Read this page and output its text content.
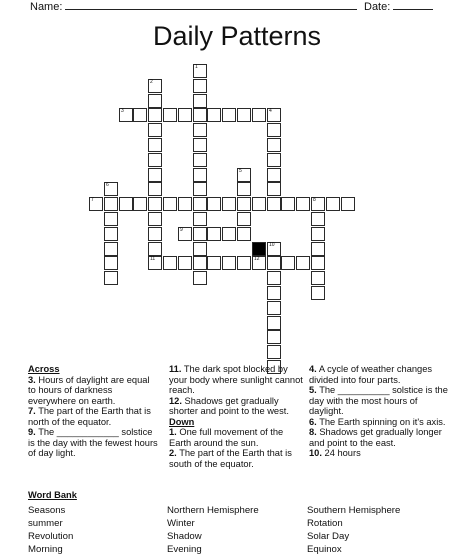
Name:	Date:
Daily Patterns
1
2
3	4
5
6
7	8
9
10
11	12
Across
3. Hours of daylight are equal to hours of darkness everywhere on earth.
7. The part of the Earth that is north of the equator.
9. The ____________ solstice is the day with the fewest hours of day light.
11. The dark spot blocked by your body where sunlight cannot reach.
12. Shadows get gradually shorter and point to the west.
Down
1. One full movement of the Earth around the sun.
2. The part of the Earth that is south of the equator.
4. A cycle of weather changes divided into four parts.
5. The __________ solstice is the day with the most hours of daylight.
6. The Earth spinning on it's axis.
8. Shadows get gradually longer and point to the east.
10. 24 hours
Word Bank
Seasons	Northern Hemisphere	Southern Hemisphere
summer	Winter	Rotation
Revolution	Shadow	Solar Day
Morning	Evening	Equinox
